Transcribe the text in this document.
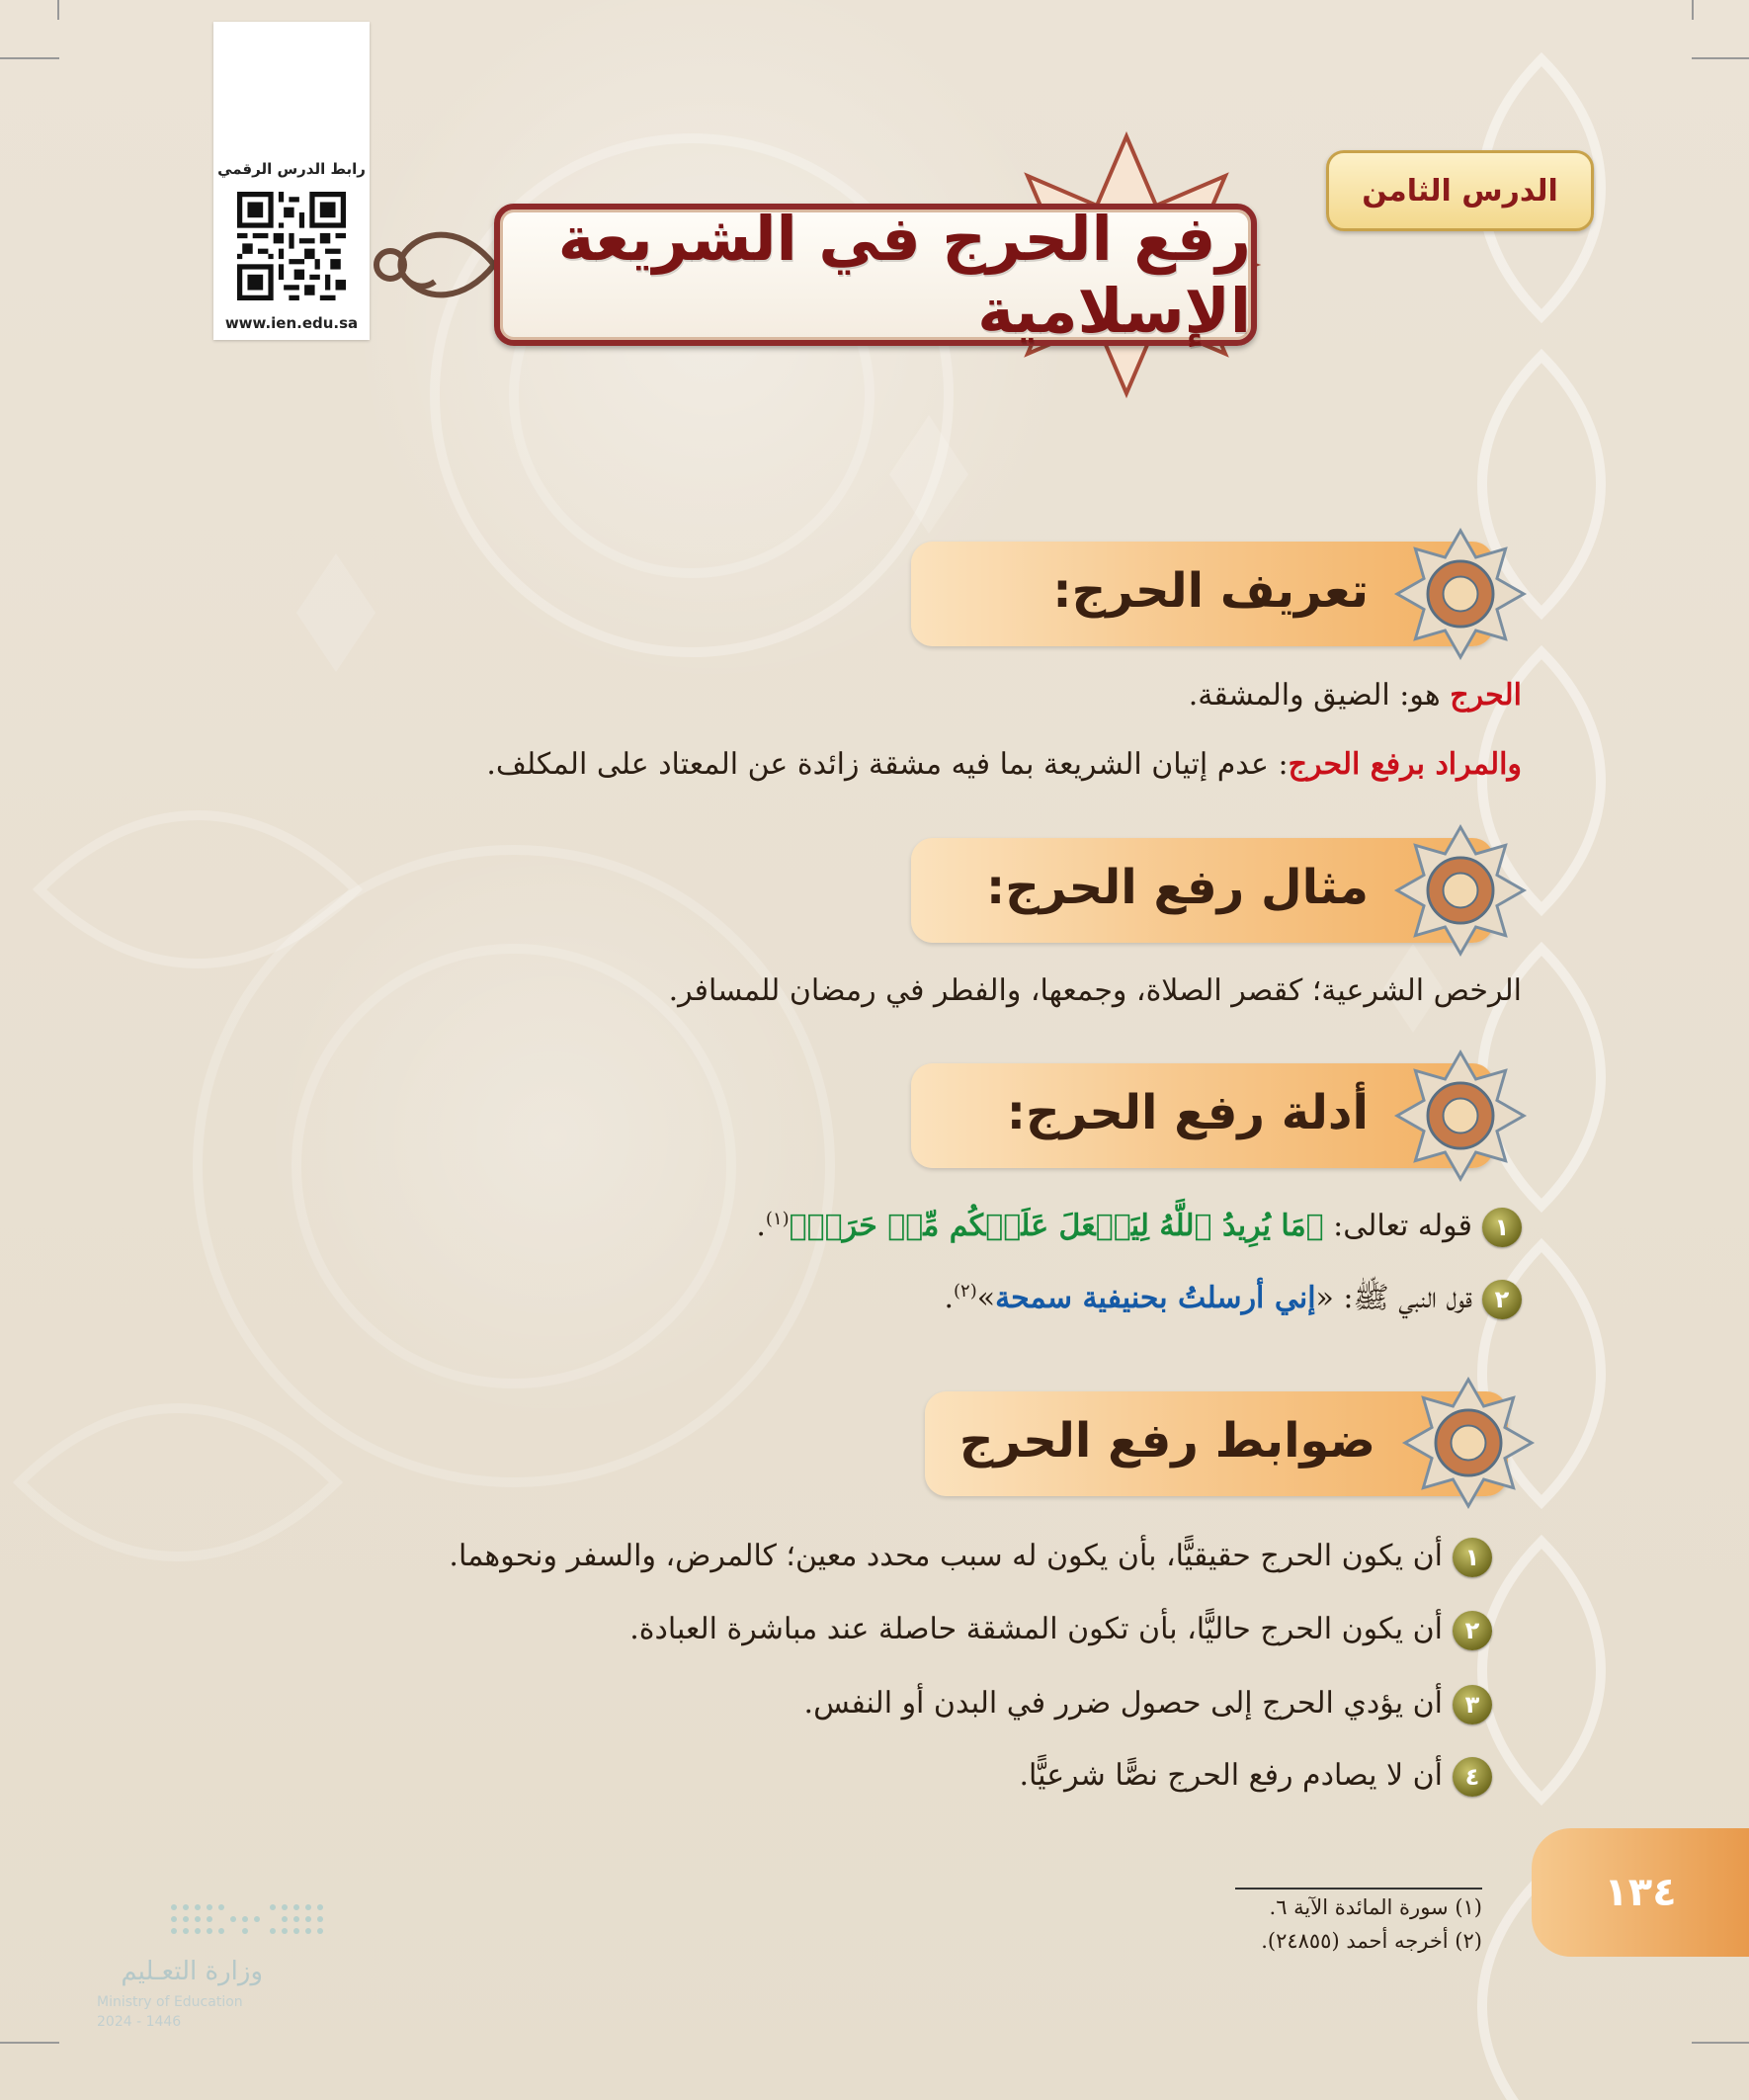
رابط الدرس الرقمي
www.ien.edu.sa
الدرس الثامن
رفع الحرج في الشريعة الإسلامية
تعريف الحرج:
الحرج هو: الضيق والمشقة.
والمراد برفع الحرج: عدم إتيان الشريعة بما فيه مشقة زائدة عن المعتاد على المكلف.
مثال رفع الحرج:
الرخص الشرعية؛ كقصر الصلاة، وجمعها، والفطر في رمضان للمسافر.
أدلة رفع الحرج:
١قوله تعالى: ﴿مَا يُرِيدُ ٱللَّهُ لِيَجۡعَلَ عَلَيۡكُم مِّنۡ حَرَجٖ﴾$^{(١)}$.
٢قول النبي ﷺ: «إني أرسلتُ بحنيفية سمحة»$^{(٢)}$.
ضوابط رفع الحرج
١أن يكون الحرج حقيقيًّا، بأن يكون له سبب محدد معين؛ كالمرض، والسفر ونحوهما.
٢أن يكون الحرج حاليًّا، بأن تكون المشقة حاصلة عند مباشرة العبادة.
٣أن يؤدي الحرج إلى حصول ضرر في البدن أو النفس.
٤أن لا يصادم رفع الحرج نصًّا شرعيًّا.
(١) سورة المائدة الآية ٦.
(٢) أخرجه أحمد (٢٤٨٥٥).
١٣٤
وزارة التعـليم
Ministry of Education
2024 - 1446
